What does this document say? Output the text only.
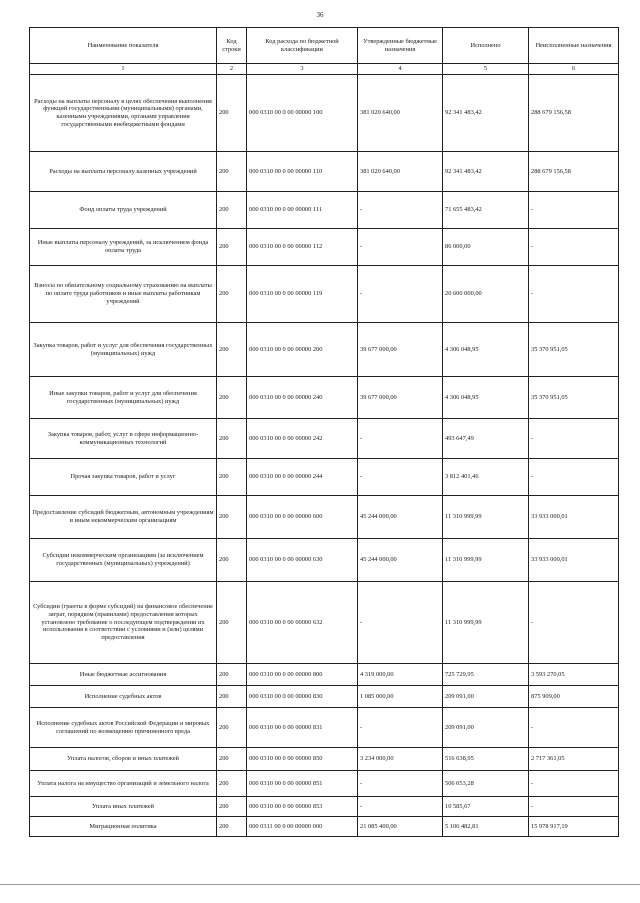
36
Наименование показателя	Код строки	Код расхода по бюджетной классификации	Утвержденные бюджетные назначения	Исполнено	Неисполненные назначения
1	2	3	4	5	6
Расходы на выплаты персоналу в целях обеспечения выполнения функций государственными (муниципальными) органами, казенными учреждениями, органами управления государственными внебюджетными фондами	200	000 0310 00 0 00 00000 100	381 020 640,00	92 341 483,42	288 679 156,58
Расходы на выплаты персоналу казенных учреждений	200	000 0310 00 0 00 00000 110	381 020 640,00	92 341 483,42	288 679 156,58
Фонд оплаты труда учреждений	200	000 0310 00 0 00 00000 111	-	71 655 483,42	-
Иные выплаты персоналу учреждений, за исключением фонда оплаты труда	200	000 0310 00 0 00 00000 112	-	86 000,00	-
Взносы по обязательному социальному страхованию на выплаты по оплате труда работников и иные выплаты работникам учреждений	200	000 0310 00 0 00 00000 119	-	20 600 000,00	-
Закупка товаров, работ и услуг для обеспечения государственных (муниципальных) нужд	200	000 0310 00 0 00 00000 200	39 677 000,00	4 306 048,95	35 370 951,05
Иные закупки товаров, работ и услуг для обеспечения государственных (муниципальных) нужд	200	000 0310 00 0 00 00000 240	39 677 000,00	4 306 048,95	35 370 951,05
Закупка товаров, работ, услуг в сфере информационно-коммуникационных технологий	200	000 0310 00 0 00 00000 242	-	493 647,49	-
Прочая закупка товаров, работ и услуг	200	000 0310 00 0 00 00000 244	-	3 812 401,46	-
Предоставление субсидий бюджетным, автономным учреждениям и иным некоммерческим организациям	200	000 0310 00 0 00 00000 600	45 244 000,00	11 310 999,99	33 933 000,01
Субсидии некоммерческим организациям (за исключением государственных (муниципальных) учреждений)	200	000 0310 00 0 00 00000 630	45 244 000,00	11 310 999,99	33 933 000,01
Субсидии (гранты в форме субсидий) на финансовое обеспечение затрат, порядком (правилами) предоставления которых установлено требование о последующем подтверждении их использования в соответствии с условиями и (или) целями предоставления	200	000 0310 00 0 00 00000 632	-	11 310 999,99	-
Иные бюджетные ассигнования	200	000 0310 00 0 00 00000 800	4 319 000,00	725 729,95	3 593 270,05
Исполнение судебных актов	200	000 0310 00 0 00 00000 830	1 085 000,00	209 091,00	875 909,00
Исполнение судебных актов Российской Федерации и мировых соглашений по возмещению причиненного вреда	200	000 0310 00 0 00 00000 831	-	209 091,00	-
Уплата налогов, сборов и иных платежей	200	000 0310 00 0 00 00000 850	3 234 000,00	516 638,95	2 717 361,05
Уплата налога на имущество организаций и земельного налога	200	000 0310 00 0 00 00000 851	-	506 053,28	-
Уплата иных платежей	200	000 0310 00 0 00 00000 853	-	10 585,67	-
Миграционная политика	200	000 0311 00 0 00 00000 000	21 085 400,00	5 106 482,81	15 978 917,19
